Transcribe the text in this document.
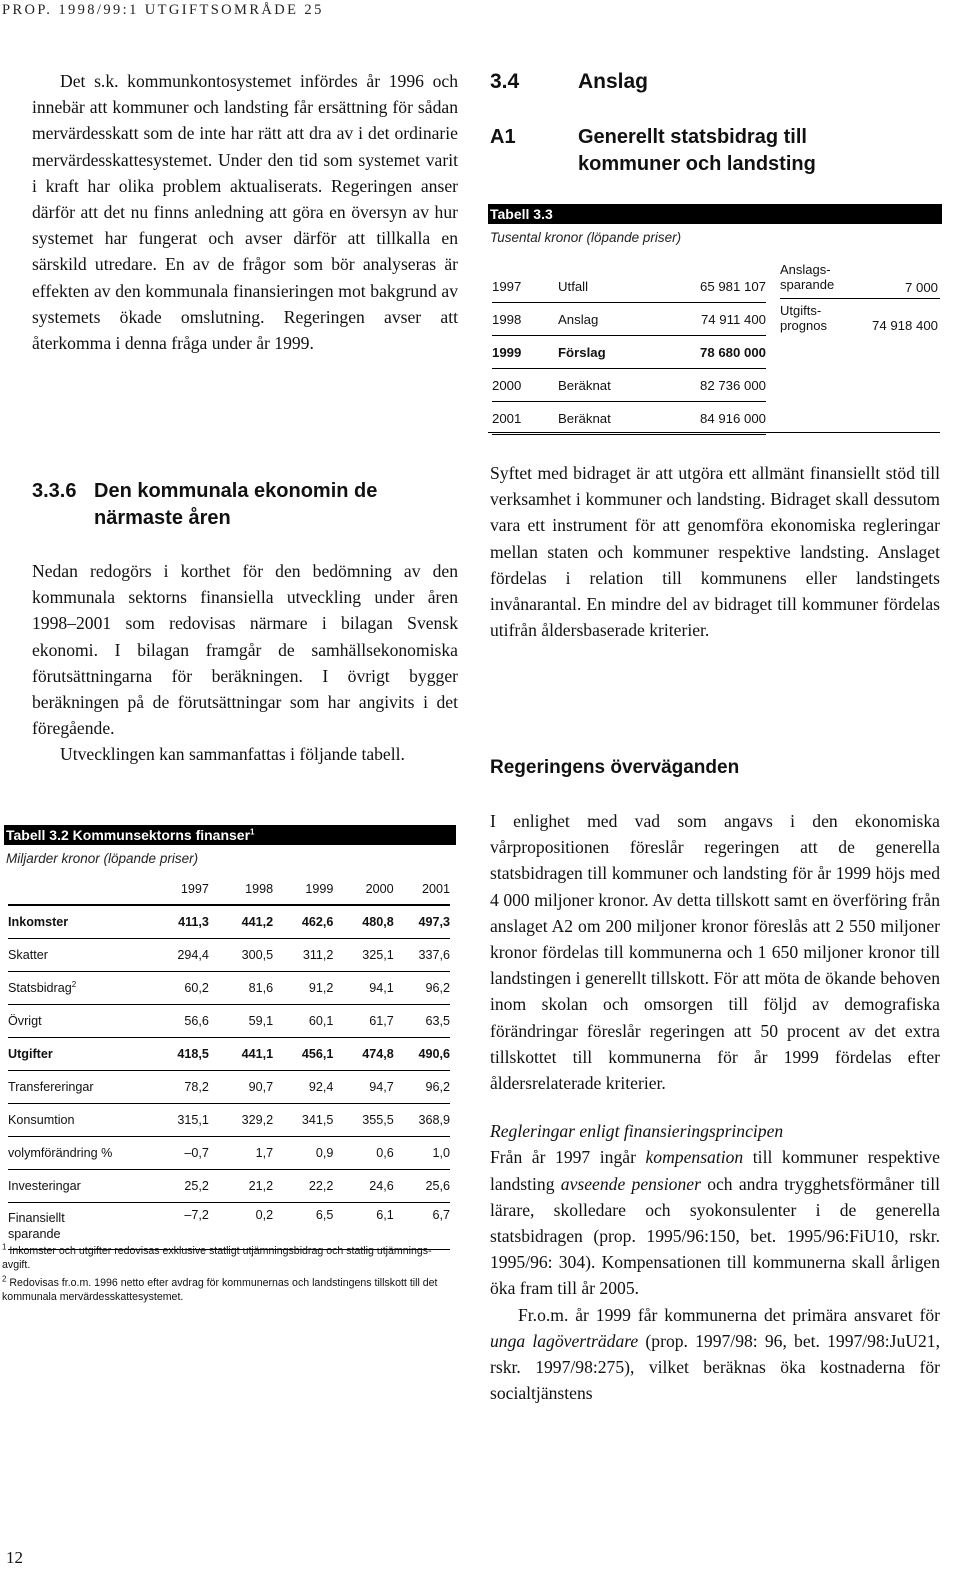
PROP. 1998/99:1 UTGIFTSOMRÅDE 25

Det s.k. kommunkontosystemet infördes år 1996 och innebär att kommuner och landsting får ersättning för sådan mervärdesskatt som de inte har rätt att dra av i det ordinarie mervärdesskattesystemet. Under den tid som systemet varit i kraft har olika problem aktualiserats. Regeringen anser därför att det nu finns anledning att göra en översyn av hur systemet har fungerat och avser därför att tillkalla en särskild utredare. En av de frågor som bör analyseras är effekten av den kommunala finansieringen mot bakgrund av systemets ökade omslutning. Regeringen avser att återkomma i denna fråga under år 1999.

3.3.6 Den kommunala ekonomin de
närmaste åren

Nedan redogörs i korthet för den bedömning av den kommunala sektorns finansiella utveckling under åren 1998–2001 som redovisas närmare i bilagan Svensk ekonomi. I bilagan framgår de samhällsekonomiska förutsättningarna för beräkningen. I övrigt bygger beräkningen på de förutsättningar som har angivits i det föregående.

Utvecklingen kan sammanfattas i följande tabell.

Tabell 3.2 Kommunsektorns finanser$^1$
Miljarder kronor (löpande priser)
	1997	1998	1999	2000	2001
Inkomster	411,3	441,2	462,6	480,8	497,3
Skatter	294,4	300,5	311,2	325,1	337,6
Statsbidrag$^2$	60,2	81,6	91,2	94,1	96,2
Övrigt	56,6	59,1	60,1	61,7	63,5
Utgifter	418,5	441,1	456,1	474,8	490,6
Transfereringar	78,2	90,7	92,4	94,7	96,2
Konsumtion	315,1	329,2	341,5	355,5	368,9
volymförändring %	–0,7	1,7	0,9	0,6	1,0
Investeringar	25,2	21,2	22,2	24,6	25,6
Finansiellt sparande	–7,2	0,2	6,5	6,1	6,7
$^1$ Inkomster och utgifter redovisas exklusive statligt utjämningsbidrag och statlig utjämningsavgift.
$^2$ Redovisas fr.o.m. 1996 netto efter avdrag för kommunernas och landstingens tillskott till det kommunala mervärdesskattesystemet.
3.4	Anslag
A1	Generellt statsbidrag till
kommuner och landsting
Tabell 3.3
Tusental kronor (löpande priser)
1997	Utfall	65 981 107
1998	Anslag	74 911 400
1999	Förslag	78 680 000
2000	Beräknat	82 736 000
2001	Beräknat	84 916 000
Anslags-
sparande	7 000
Utgifts-
prognos	74 918 400

Syftet med bidraget är att utgöra ett allmänt finansiellt stöd till verksamhet i kommuner och landsting. Bidraget skall dessutom vara ett instrument för att genomföra ekonomiska regleringar mellan staten och kommuner respektive landsting. Anslaget fördelas i relation till kommunens eller landstingets invånarantal. En mindre del av bidraget till kommuner fördelas utifrån åldersbaserade kriterier.

Regeringens överväganden

I enlighet med vad som angavs i den ekonomiska vårpropositionen föreslår regeringen att de generella statsbidragen till kommuner och landsting för år 1999 höjs med 4 000 miljoner kronor. Av detta tillskott samt en överföring från anslaget A2 om 200 miljoner kronor föreslås att 2 550 miljoner kronor fördelas till kommunerna och 1 650 miljoner kronor till landstingen i generellt tillskott. För att möta de ökande behoven inom skolan och omsorgen till följd av demografiska förändringar föreslår regeringen att 50 procent av det extra tillskottet till kommunerna för år 1999 fördelas efter åldersrelaterade kriterier.

Regleringar enligt finansieringsprincipen

Från år 1997 ingår kompensation till kommuner respektive landsting avseende pensioner och andra trygghetsförmåner till lärare, skolledare och syokonsulenter i de generella statsbidragen (prop. 1995/96:150, bet. 1995/96:FiU10, rskr. 1995/96: 304). Kompensationen till kommunerna skall årligen öka fram till år 2005.

Fr.o.m. år 1999 får kommunerna det primära ansvaret för unga lagöverträdare (prop. 1997/98: 96, bet. 1997/98:JuU21, rskr. 1997/98:275), vilket beräknas öka kostnaderna för socialtjänstens

12
